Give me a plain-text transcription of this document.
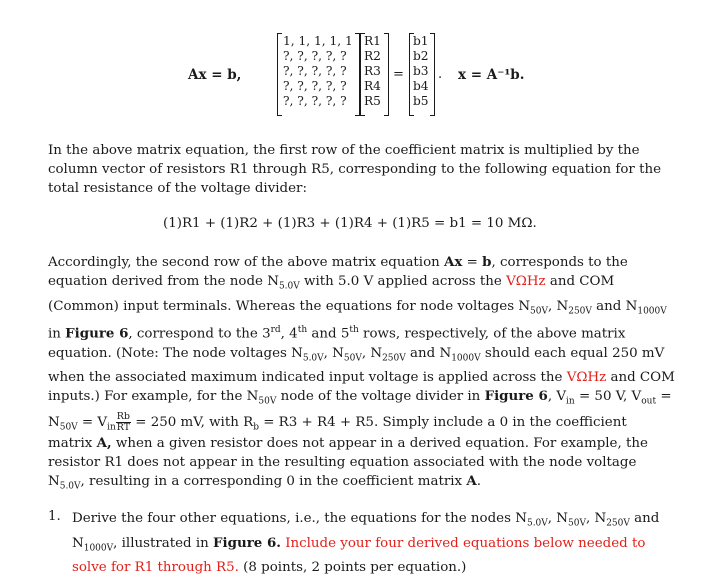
Ax = b,
1, 1, 1, 1, 1
?, ?, ?, ?, ?
?, ?, ?, ?, ?
?, ?, ?, ?, ?
?, ?, ?, ?, ?
R1
R2
R3
R4
R5
=
b1
b2
b3
b4
b5
. x = A⁻¹b.
In the above matrix equation, the first row of the coefficient matrix is multiplied by the
column vector of resistors R1 through R5, corresponding to the following equation for the
total resistance of the voltage divider:
(1)R1 + (1)R2 + (1)R3 + (1)R4 + (1)R5 = b1 = 10 MΩ.
Accordingly, the second row of the above matrix equation Ax = b, corresponds to the
equation derived from the node $N_{5.0V}$ with 5.0 V applied across the VΩHz and COM
(Common) input terminals. Whereas the equations for node voltages $N_{50V}$, $N_{250V}$ and $N_{1000V}$
in Figure 6, correspond to the 3rd, 4th and 5th rows, respectively, of the above matrix
equation. (Note: The node voltages $N_{5.0V}$, $N_{50V}$, $N_{250V}$ and $N_{1000V}$ should each equal 250 mV
when the associated maximum indicated input voltage is applied across the VΩHz and COM
inputs.) For example, for the $N_{50V}$ node of the voltage divider in Figure 6, $V_{in} = 50$ V, $V_{out}$ =
$N_{50V} = V_{in} \frac{Rb}{RT} = 250$ mV, with $R_b = R3 + R4 + R5$. Simply include a 0 in the coefficient
matrix A, when a given resistor does not appear in a derived equation. For example, the
resistor R1 does not appear in the resulting equation associated with the node voltage
$N_{5.0V}$, resulting in a corresponding 0 in the coefficient matrix A.
1. Derive the four other equations, i.e., the equations for the nodes $N_{5.0V}$, $N_{50V}$, $N_{250V}$ and
$N_{1000V}$, illustrated in Figure 6. Include your four derived equations below needed to
solve for R1 through R5. (8 points, 2 points per equation.)
